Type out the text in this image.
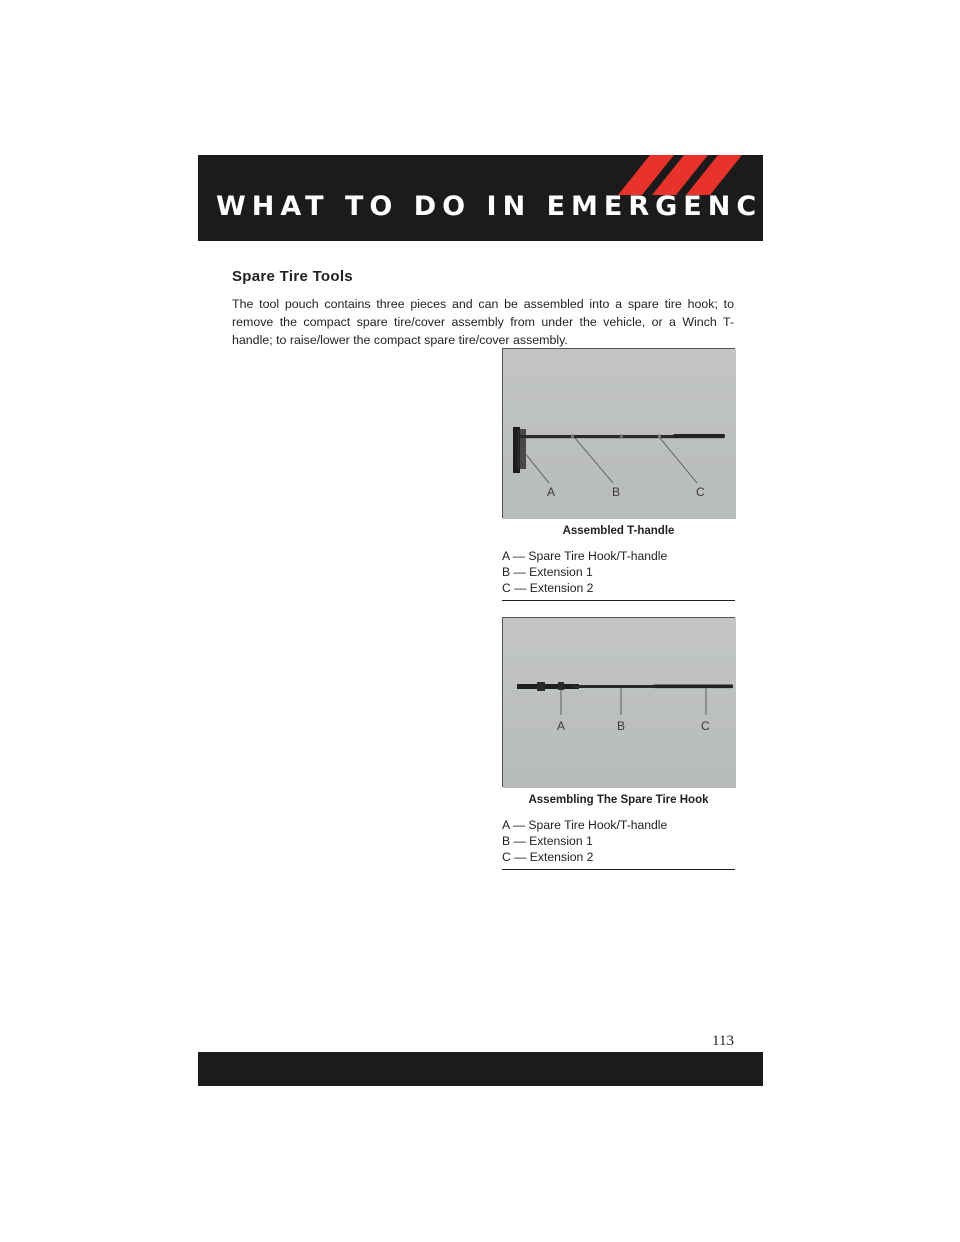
WHAT TO DO IN EMERGENCIES
Spare Tire Tools

The tool pouch contains three pieces and can be assembled into a spare tire hook; to remove the compact spare tire/cover assembly from under the vehicle, or a Winch T-handle; to raise/lower the compact spare tire/cover assembly.

A	B	C

Assembled T-handle

A — Spare Tire Hook/T-handle
B — Extension 1
C — Extension 2
A	B	C

Assembling The Spare Tire Hook

A — Spare Tire Hook/T-handle
B — Extension 1
C — Extension 2
113
